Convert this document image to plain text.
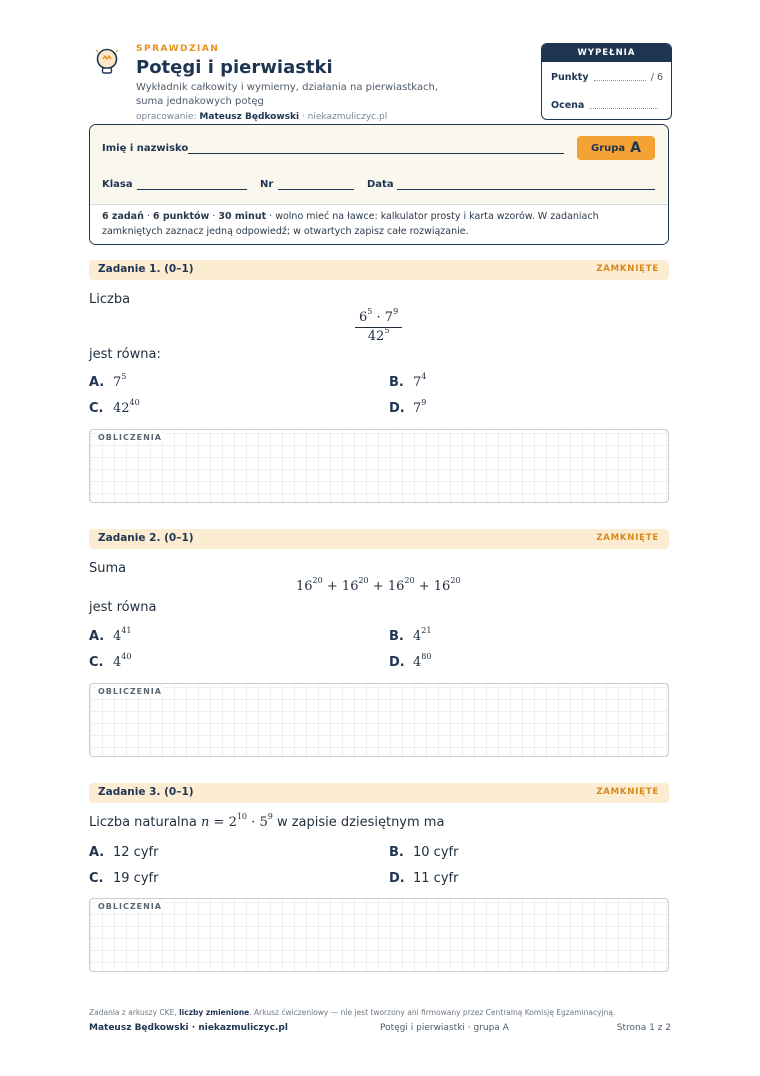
SPRAWDZIAN
Potęgi i pierwiastki
Wykładnik całkowity i wymierny, działania na pierwiastkach, suma jednakowych potęg
opracowanie: Mateusz Będkowski · niekazmuliczyc.pl
WYPEŁNIA NAUCZYCIEL
Punkty	/ 6
Ocena
Imię i nazwisko	Grupa A
Klasa	Nr	Data
6 zadań · 6 punktów · 30 minut · wolno mieć na ławce: kalkulator prosty i karta wzorów. W zadaniach zamkniętych zaznacz jedną odpowiedź; w otwartych zapisz całe rozwiązanie.
Zadanie 1. (0–1)	ZAMKNIĘTE
Liczba
$\frac{6^5 \cdot 7^9}{42^5}$
jest równa:
A. $7^5$	B. $7^4$
C. $42^{40}$	D. $7^9$
OBLICZENIA
Zadanie 2. (0–1)	ZAMKNIĘTE
Suma
$16^{20} + 16^{20} + 16^{20} + 16^{20}$
jest równa
A. $4^{41}$	B. $4^{21}$
C. $4^{40}$	D. $4^{80}$
OBLICZENIA
Zadanie 3. (0–1)	ZAMKNIĘTE
Liczba naturalna $n = 2^{10} \cdot 5^9$ w zapisie dziesiętnym ma
A. 12 cyfr	B. 10 cyfr
C. 19 cyfr	D. 11 cyfr
OBLICZENIA
Zadania z arkuszy CKE, liczby zmienione. Arkusz ćwiczeniowy — nie jest tworzony ani firmowany przez Centralną Komisję Egzaminacyjną.
Mateusz Będkowski · niekazmuliczyc.pl	Potęgi i pierwiastki · grupa A	Strona 1 z 2
